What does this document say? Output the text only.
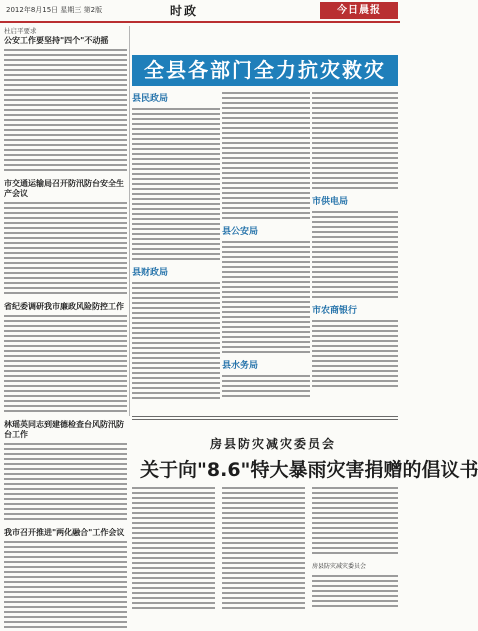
2012年8月15日 星期三 第2版	时政	今日晨报
杜启平要求
公安工作要坚持"四个"不动摇
市交通运输局召开防汛防台安全生产会议
省纪委调研我市廉政风险防控工作
林瑶英同志到建德检查台风防汛防台工作
我市召开推进"两化融合"工作会议
全县各部门全力抗灾救灾
县民政局
县财政局
县公安局
县水务局
市供电局
市农商银行
房县防灾减灾委员会
关于向"8.6"特大暴雨灾害捐赠的倡议书
房县防灾减灾委员会
